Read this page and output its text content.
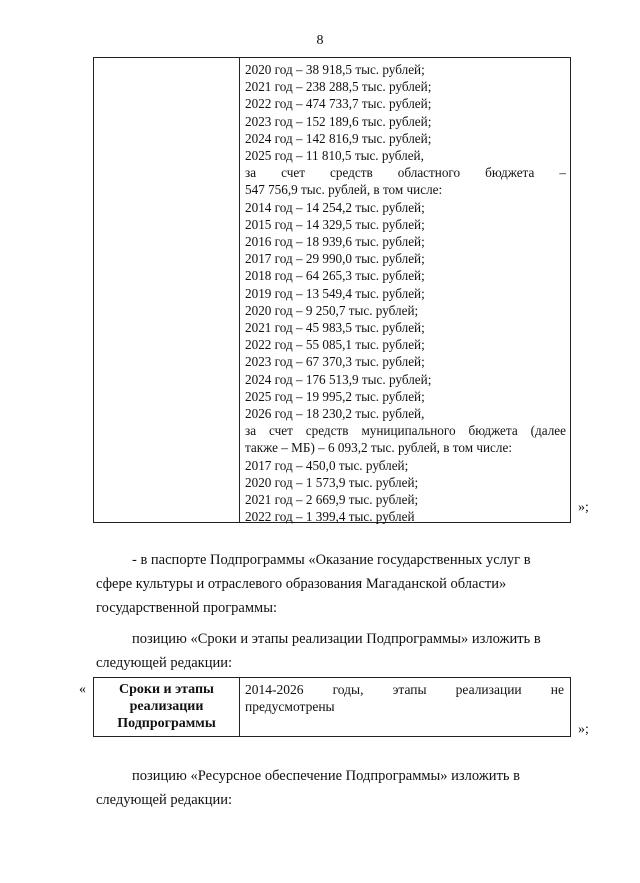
8
2020 год – 38 918,5 тыс. рублей;
2021 год – 238 288,5 тыс. рублей;
2022 год – 474 733,7 тыс. рублей;
2023 год – 152 189,6 тыс. рублей;
2024 год – 142 816,9 тыс. рублей;
2025 год – 11 810,5 тыс. рублей,
за счет средств областного бюджета –
547 756,9 тыс. рублей, в том числе:
2014 год – 14 254,2 тыс. рублей;
2015 год – 14 329,5 тыс. рублей;
2016 год – 18 939,6 тыс. рублей;
2017 год – 29 990,0 тыс. рублей;
2018 год – 64 265,3 тыс. рублей;
2019 год – 13 549,4 тыс. рублей;
2020 год – 9 250,7 тыс. рублей;
2021 год – 45 983,5 тыс. рублей;
2022 год – 55 085,1 тыс. рублей;
2023 год – 67 370,3 тыс. рублей;
2024 год – 176 513,9 тыс. рублей;
2025 год – 19 995,2 тыс. рублей;
2026 год – 18 230,2 тыс. рублей,
за счет средств муниципального бюджета (далее
также – МБ) – 6 093,2 тыс. рублей, в том числе:
2017 год – 450,0 тыс. рублей;
2020 год – 1 573,9 тыс. рублей;
2021 год – 2 669,9 тыс. рублей;
2022 год – 1 399,4 тыс. рублей
»;
- в паспорте Подпрограммы «Оказание государственных услуг в
сфере культуры и отраслевого образования Магаданской области»
государственной программы:
позицию «Сроки и этапы реализации Подпрограммы» изложить в
следующей редакции:
«	Сроки и этапы реализации Подпрограммы
2014-2026 годы, этапы реализации не
предусмотрены
»;
позицию «Ресурсное обеспечение Подпрограммы» изложить в
следующей редакции:
